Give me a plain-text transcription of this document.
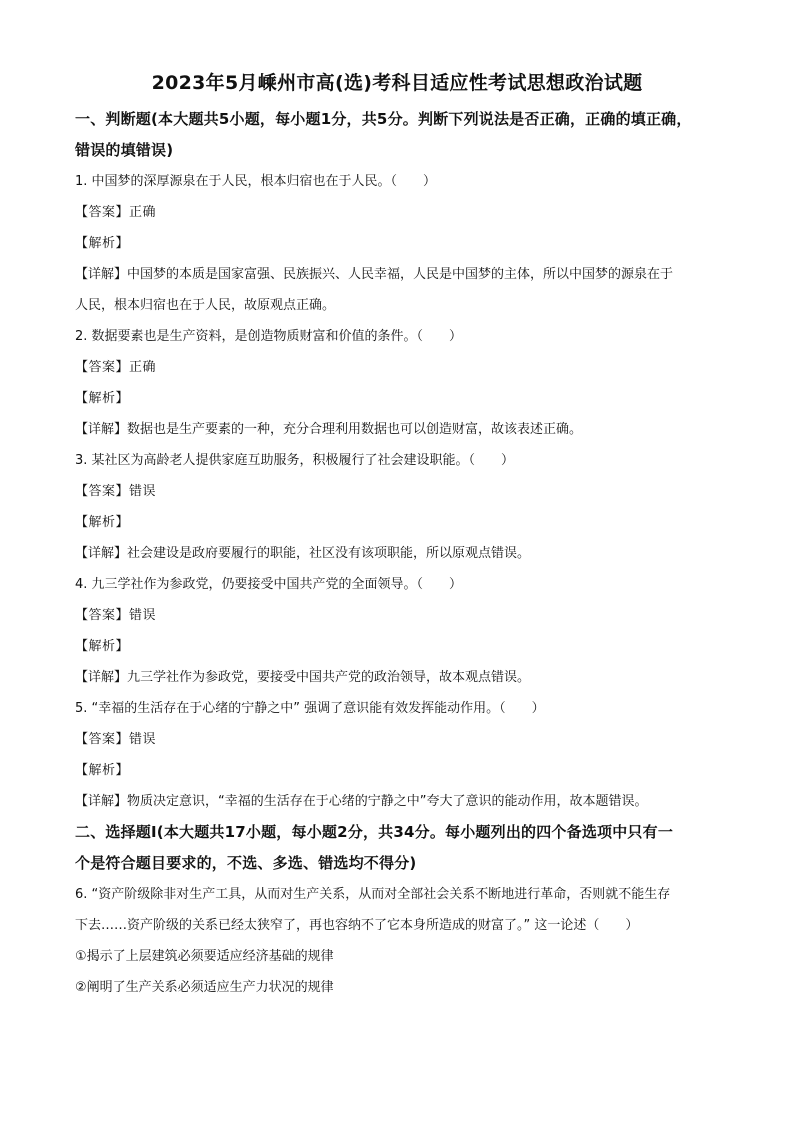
2023年5月嵊州市高(选)考科目适应性考试思想政治试题
一、判断题(本大题共5小题，每小题1分，共5分。判断下列说法是否正确，正确的填正确，
错误的填错误)
1. 中国梦的深厚源泉在于人民，根本归宿也在于人民。（　　）
【答案】正确
【解析】
【详解】中国梦的本质是国家富强、民族振兴、人民幸福，人民是中国梦的主体，所以中国梦的源泉在于
人民，根本归宿也在于人民，故原观点正确。
2. 数据要素也是生产资料，是创造物质财富和价值的条件。（　　）
【答案】正确
【解析】
【详解】数据也是生产要素的一种，充分合理利用数据也可以创造财富，故该表述正确。
3. 某社区为高龄老人提供家庭互助服务，积极履行了社会建设职能。（　　）
【答案】错误
【解析】
【详解】社会建设是政府要履行的职能，社区没有该项职能，所以原观点错误。
4. 九三学社作为参政党，仍要接受中国共产党的全面领导。（　　）
【答案】错误
【解析】
【详解】九三学社作为参政党，要接受中国共产党的政治领导，故本观点错误。
5. “幸福的生活存在于心绪的宁静之中” 强调了意识能有效发挥能动作用。（　　）
【答案】错误
【解析】
【详解】物质决定意识，“幸福的生活存在于心绪的宁静之中”夸大了意识的能动作用，故本题错误。
二、选择题Ⅰ(本大题共17小题，每小题2分，共34分。每小题列出的四个备选项中只有一
个是符合题目要求的，不选、多选、错选均不得分)
6. “资产阶级除非对生产工具，从而对生产关系，从而对全部社会关系不断地进行革命，否则就不能生存
下去……资产阶级的关系已经太狭窄了，再也容纳不了它本身所造成的财富了。” 这一论述（　　）
①揭示了上层建筑必须要适应经济基础的规律
②阐明了生产关系必须适应生产力状况的规律
